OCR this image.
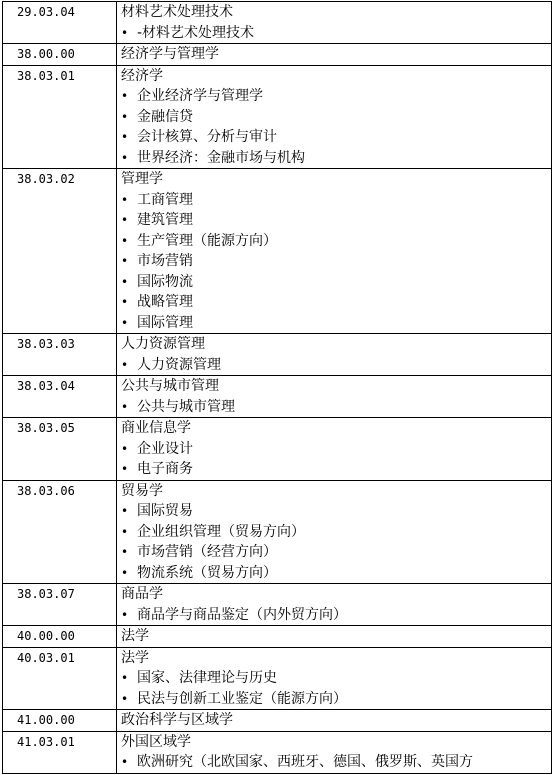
29.03.04	材料艺术处理技术
	• -材料艺术处理技术
38.00.00	经济学与管理学
38.03.01	经济学
	• 企业经济学与管理学
	• 金融信贷
	• 会计核算、分析与审计
	• 世界经济：金融市场与机构
38.03.02	管理学
	• 工商管理
	• 建筑管理
	• 生产管理（能源方向）
	• 市场营销
	• 国际物流
	• 战略管理
	• 国际管理
38.03.03	人力资源管理
	• 人力资源管理
38.03.04	公共与城市管理
	• 公共与城市管理
38.03.05	商业信息学
	• 企业设计
	• 电子商务
38.03.06	贸易学
	• 国际贸易
	• 企业组织管理（贸易方向）
	• 市场营销（经营方向）
	• 物流系统（贸易方向）
38.03.07	商品学
	• 商品学与商品鉴定（内外贸方向）
40.00.00	法学
40.03.01	法学
	• 国家、法律理论与历史
	• 民法与创新工业鉴定（能源方向）
41.00.00	政治科学与区域学
41.03.01	外国区域学
	• 欧洲研究（北欧国家、西班牙、德国、俄罗斯、英国方
